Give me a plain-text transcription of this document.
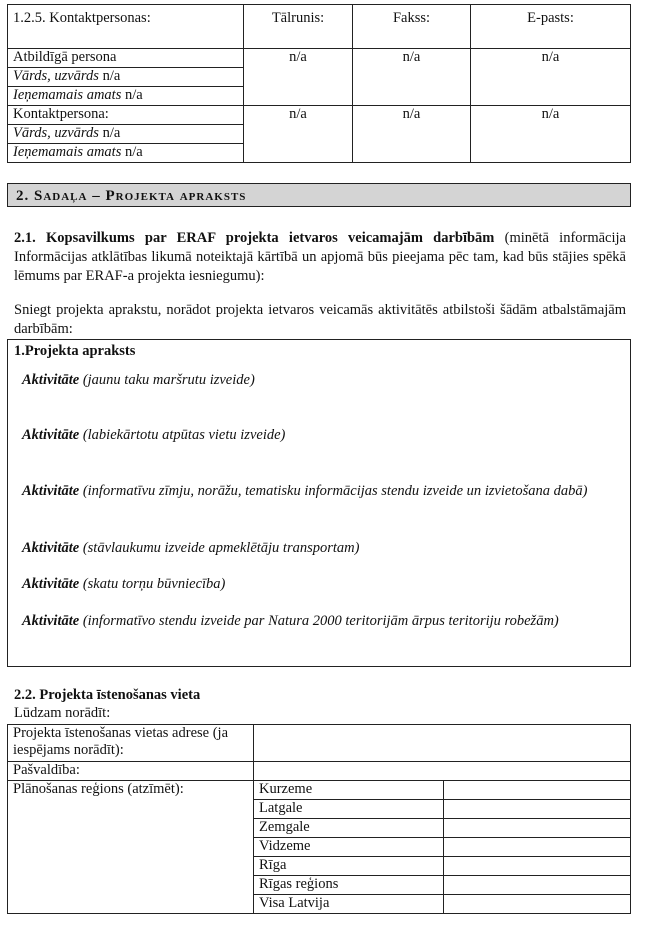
1.2.5. Kontaktpersonas:	Tālrunis:	Fakss:	E-pasts:
Atbildīgā persona	n/a	n/a	n/a
Vārds, uzvārds n/a			
Ieņemamais amats n/a			
Kontaktpersona:	n/a	n/a	n/a
Vārds, uzvārds n/a			
Ieņemamais amats n/a			
2. Sadaļa – Projekta apraksts
2.1. Kopsavilkums par ERAF projekta ietvaros veicamajām darbībām (minētā informācija Informācijas atklātības likumā noteiktajā kārtībā un apjomā būs pieejama pēc tam, kad būs stājies spēkā lēmums par ERAF-a projekta iesniegumu):
Sniegt projekta aprakstu, norādot projekta ietvaros veicamās aktivitātēs atbilstoši šādām atbalstāmajām darbībām:
1.Projekta apraksts
Aktivitāte (jaunu taku maršrutu izveide)
Aktivitāte (labiekārtotu atpūtas vietu izveide)
Aktivitāte (informatīvu zīmju, norāžu, tematisku informācijas stendu izveide un izvietošana dabā)
Aktivitāte (stāvlaukumu izveide apmeklētāju transportam)
Aktivitāte (skatu torņu būvniecība)
Aktivitāte (informatīvo stendu izveide par Natura 2000 teritorijām ārpus teritoriju robežām)
2.2. Projekta īstenošanas vieta
Lūdzam norādīt:
Projekta īstenošanas vietas adrese (ja iespējams norādīt):		
Pašvaldība:		
Plānošanas reģions (atzīmēt):	Kurzeme	
	Latgale	
	Zemgale	
	Vidzeme	
	Rīga	
	Rīgas reģions	
	Visa Latvija	
